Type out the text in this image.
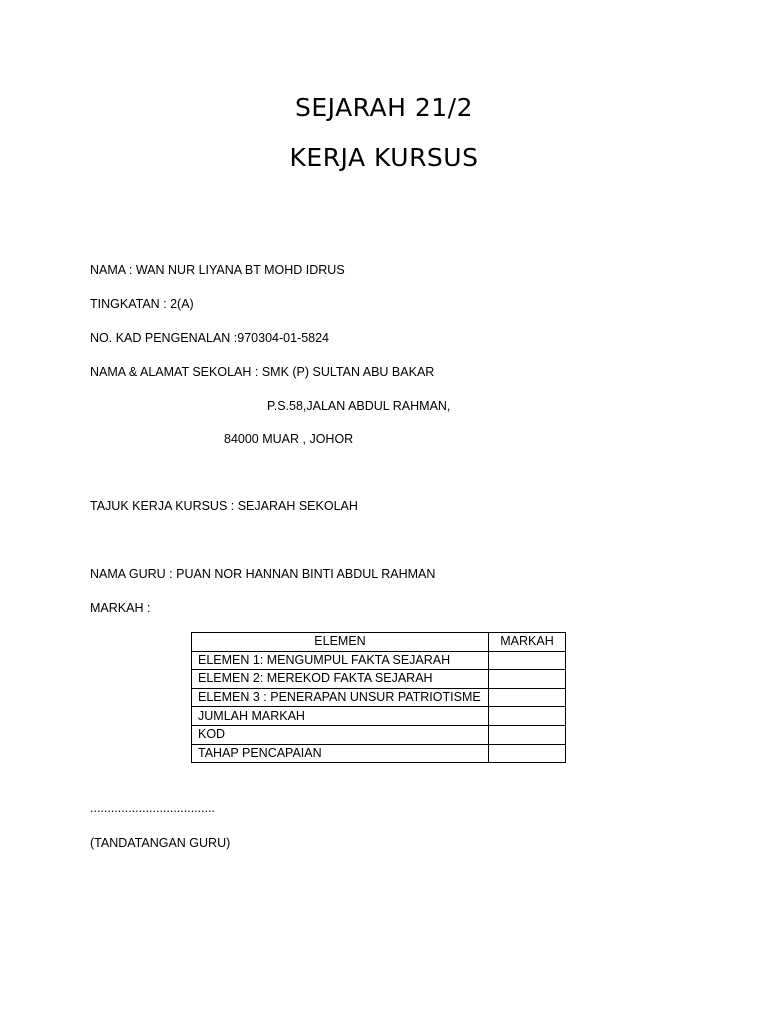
SEJARAH 21/2
KERJA KURSUS
NAMA : WAN NUR LIYANA BT MOHD IDRUS
TINGKATAN : 2(A)
NO. KAD PENGENALAN :970304-01-5824
NAMA & ALAMAT SEKOLAH : SMK (P) SULTAN ABU BAKAR
P.S.58,JALAN ABDUL RAHMAN,
84000 MUAR , JOHOR
TAJUK KERJA KURSUS : SEJARAH SEKOLAH
NAMA GURU : PUAN NOR HANNAN BINTI ABDUL RAHMAN
MARKAH :
ELEMEN	MARKAH
ELEMEN 1: MENGUMPUL FAKTA SEJARAH	
ELEMEN 2: MEREKOD FAKTA SEJARAH	
ELEMEN 3 : PENERAPAN UNSUR PATRIOTISME	
JUMLAH MARKAH	
KOD	
TAHAP PENCAPAIAN	
....................................
(TANDATANGAN GURU)
